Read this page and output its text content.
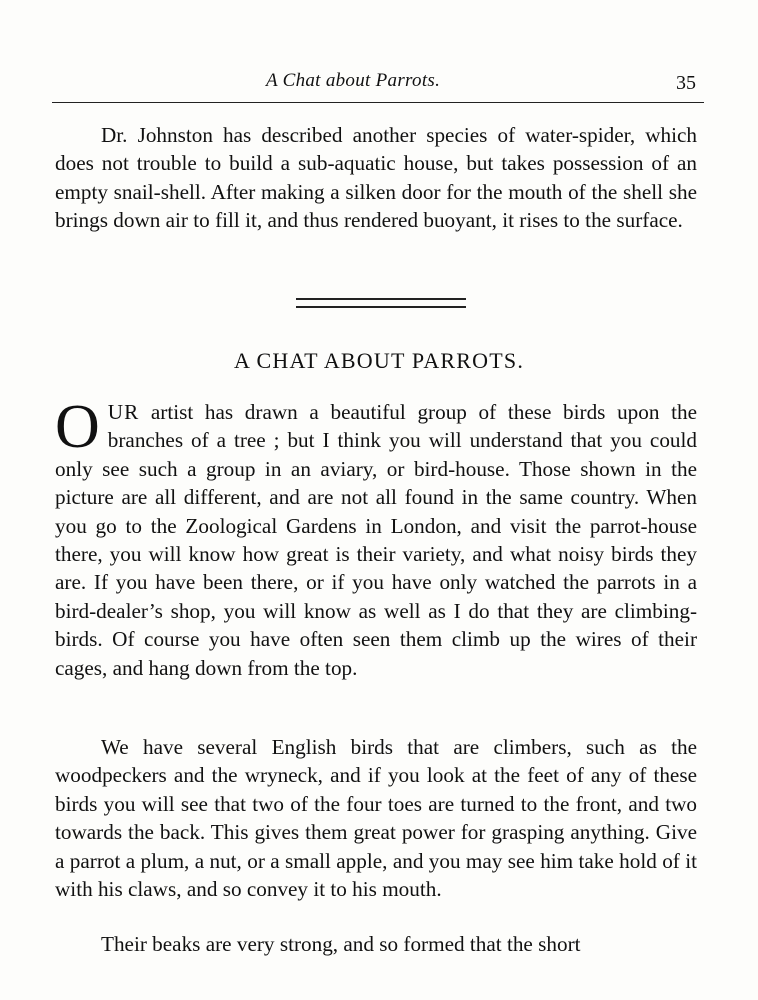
A Chat about Parrots.	35

Dr. Johnston has described another species of water-spider, which does not trouble to build a sub-aquatic house, but takes possession of an empty snail-shell. After making a silken door for the mouth of the shell she brings down air to fill it, and thus rendered buoyant, it rises to the surface.

A CHAT ABOUT PARROTS.

OUR artist has drawn a beautiful group of these birds upon the branches of a tree ; but I think you will understand that you could only see such a group in an aviary, or bird-house. Those shown in the picture are all different, and are not all found in the same country. When you go to the Zoological Gardens in London, and visit the parrot-house there, you will know how great is their variety, and what noisy birds they are. If you have been there, or if you have only watched the parrots in a bird-dealer’s shop, you will know as well as I do that they are climbing-birds. Of course you have often seen them climb up the wires of their cages, and hang down from the top.

We have several English birds that are climbers, such as the woodpeckers and the wryneck, and if you look at the feet of any of these birds you will see that two of the four toes are turned to the front, and two towards the back. This gives them great power for grasping anything. Give a parrot a plum, a nut, or a small apple, and you may see him take hold of it with his claws, and so convey it to his mouth.

Their beaks are very strong, and so formed that the short
